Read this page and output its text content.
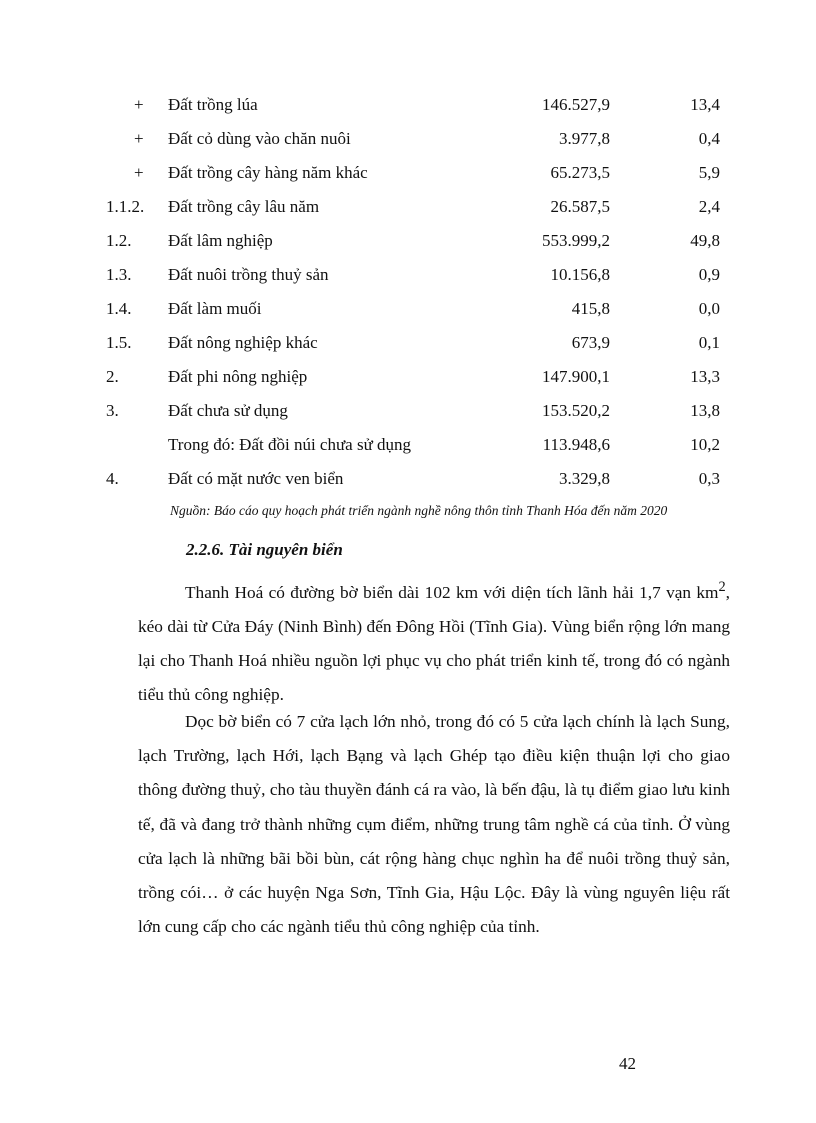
+	Đất trồng lúa	146.527,9	13,4
+	Đất cỏ dùng vào chăn nuôi	3.977,8	0,4
+	Đất trồng cây hàng năm khác	65.273,5	5,9
1.1.2.	Đất trồng cây lâu năm	26.587,5	2,4
1.2.	Đất lâm nghiệp	553.999,2	49,8
1.3.	Đất nuôi trồng thuỷ sản	10.156,8	0,9
1.4.	Đất làm muối	415,8	0,0
1.5.	Đất nông nghiệp khác	673,9	0,1
2.	Đất phi nông nghiệp	147.900,1	13,3
3.	Đất chưa sử dụng	153.520,2	13,8
Trong đó: Đất đồi núi chưa sử dụng	113.948,6	10,2
4.	Đất có mặt nước ven biển	3.329,8	0,3
Nguồn: Báo cáo quy hoạch phát triển ngành nghề nông thôn tỉnh Thanh Hóa đến năm 2020
2.2.6. Tài nguyên biển

Thanh Hoá có đường bờ biển dài 102 km với diện tích lãnh hải 1,7 vạn $km^2$, kéo dài từ Cửa Đáy (Ninh Bình) đến Đông Hồi (Tĩnh Gia). Vùng biển rộng lớn mang lại cho Thanh Hoá nhiều nguồn lợi phục vụ cho phát triển kinh tế, trong đó có ngành tiểu thủ công nghiệp.

Dọc bờ biển có 7 cửa lạch lớn nhỏ, trong đó có 5 cửa lạch chính là lạch Sung, lạch Trường, lạch Hới, lạch Bạng và lạch Ghép tạo điều kiện thuận lợi cho giao thông đường thuỷ, cho tàu thuyền đánh cá ra vào, là bến đậu, là tụ điểm giao lưu kinh tế, đã và đang trở thành những cụm điểm, những trung tâm nghề cá của tỉnh. Ở vùng cửa lạch là những bãi bồi bùn, cát rộng hàng chục nghìn ha để nuôi trồng thuỷ sản, trồng cói… ở các huyện Nga Sơn, Tĩnh Gia, Hậu Lộc. Đây là vùng nguyên liệu rất lớn cung cấp cho các ngành tiểu thủ công nghiệp của tỉnh.

42
